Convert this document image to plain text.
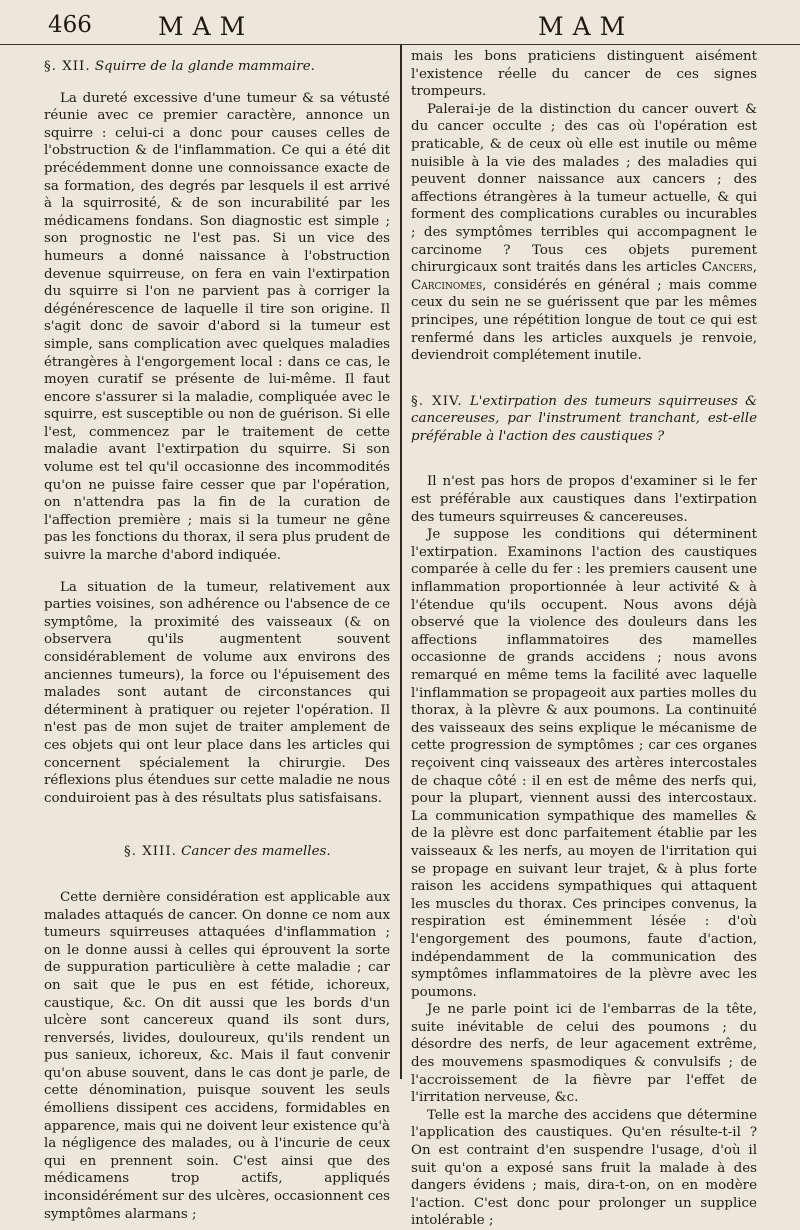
466	MAM	MAM
§. XII. Squirre de la glande mammaire.

La dureté excessive d'une tumeur & sa vétusté réunie avec ce premier caractère, annonce un squirre : celui-ci a donc pour causes celles de l'obstruction & de l'inflammation. Ce qui a été dit précédemment donne une connoissance exacte de sa formation, des degrés par lesquels il est arrivé à la squirrosité, & de son incurabilité par les médicamens fondans. Son diagnostic est simple ; son prognostic ne l'est pas. Si un vice des humeurs a donné naissance à l'obstruction devenue squirreuse, on fera en vain l'extirpation du squirre si l'on ne parvient pas à corriger la dégénérescence de laquelle il tire son origine. Il s'agit donc de savoir d'abord si la tumeur est simple, sans complication avec quelques maladies étrangères à l'engorgement local : dans ce cas, le moyen curatif se présente de lui-même. Il faut encore s'assurer si la maladie, compliquée avec le squirre, est susceptible ou non de guérison. Si elle l'est, commencez par le traitement de cette maladie avant l'extirpation du squirre. Si son volume est tel qu'il occasionne des incommodités qu'on ne puisse faire cesser que par l'opération, on n'attendra pas la fin de la curation de l'affection première ; mais si la tumeur ne gêne pas les fonctions du thorax, il sera plus prudent de suivre la marche d'abord indiquée.

La situation de la tumeur, relativement aux parties voisines, son adhérence ou l'absence de ce symptôme, la proximité des vaisseaux (& on observera qu'ils augmentent souvent considérablement de volume aux environs des anciennes tumeurs), la force ou l'épuisement des malades sont autant de circonstances qui déterminent à pratiquer ou rejeter l'opération. Il n'est pas de mon sujet de traiter amplement de ces objets qui ont leur place dans les articles qui concernent spécialement la chirurgie. Des réflexions plus étendues sur cette maladie ne nous conduiroient pas à des résultats plus satisfaisans.

§. XIII. Cancer des mamelles.

Cette dernière considération est applicable aux malades attaqués de cancer. On donne ce nom aux tumeurs squirreuses attaquées d'inflammation ; on le donne aussi à celles qui éprouvent la sorte de suppuration particulière à cette maladie ; car on sait que le pus en est fétide, ichoreux, caustique, &c. On dit aussi que les bords d'un ulcère sont cancereux quand ils sont durs, renversés, livides, douloureux, qu'ils rendent un pus sanieux, ichoreux, &c. Mais il faut convenir qu'on abuse souvent, dans le cas dont je parle, de cette dénomination, puisque souvent les seuls émolliens dissipent ces accidens, formidables en apparence, mais qui ne doivent leur existence qu'à la négligence des malades, ou à l'incurie de ceux qui en prennent soin. C'est ainsi que des médicamens trop actifs, appliqués inconsidérément sur des ulcères, occasionnent ces symptômes alarmans ;

mais les bons praticiens distinguent aisément l'existence réelle du cancer de ces signes trompeurs.

Palerai-je de la distinction du cancer ouvert & du cancer occulte ; des cas où l'opération est praticable, & de ceux où elle est inutile ou même nuisible à la vie des malades ; des maladies qui peuvent donner naissance aux cancers ; des affections étrangères à la tumeur actuelle, & qui forment des complications curables ou incurables ; des symptômes terribles qui accompagnent le carcinome ? Tous ces objets purement chirurgicaux sont traités dans les articles Cancers, Carcinomes, considérés en général ; mais comme ceux du sein ne se guérissent que par les mêmes principes, une répétition longue de tout ce qui est renfermé dans les articles auxquels je renvoie, deviendroit complétement inutile.

§. XIV. L'extirpation des tumeurs squirreuses & cancereuses, par l'instrument tranchant, est-elle préférable à l'action des caustiques ?

Il n'est pas hors de propos d'examiner si le fer est préférable aux caustiques dans l'extirpation des tumeurs squirreuses & cancereuses.

Je suppose les conditions qui déterminent l'extirpation. Examinons l'action des caustiques comparée à celle du fer : les premiers causent une inflammation proportionnée à leur activité & à l'étendue qu'ils occupent. Nous avons déjà observé que la violence des douleurs dans les affections inflammatoires des mamelles occasionne de grands accidens ; nous avons remarqué en même tems la facilité avec laquelle l'inflammation se propageoit aux parties molles du thorax, à la plèvre & aux poumons. La continuité des vaisseaux des seins explique le mécanisme de cette progression de symptômes ; car ces organes reçoivent cinq vaisseaux des artères intercostales de chaque côté : il en est de même des nerfs qui, pour la plupart, viennent aussi des intercostaux. La communication sympathique des mamelles & de la plèvre est donc parfaitement établie par les vaisseaux & les nerfs, au moyen de l'irritation qui se propage en suivant leur trajet, & à plus forte raison les accidens sympathiques qui attaquent les muscles du thorax. Ces principes convenus, la respiration est éminemment lésée : d'où l'engorgement des poumons, faute d'action, indépendamment de la communication des symptômes inflammatoires de la plèvre avec les poumons.

Je ne parle point ici de l'embarras de la tête, suite inévitable de celui des poumons ; du désordre des nerfs, de leur agacement extrême, des mouvemens spasmodiques & convulsifs ; de l'accroissement de la fièvre par l'effet de l'irritation nerveuse, &c.

Telle est la marche des accidens que détermine l'application des caustiques. Qu'en résulte-t-il ? On est contraint d'en suspendre l'usage, d'où il suit qu'on a exposé sans fruit la malade à des dangers évidens ; mais, dira-t-on, on en modère l'action. C'est donc pour prolonger un supplice intolérable ;
